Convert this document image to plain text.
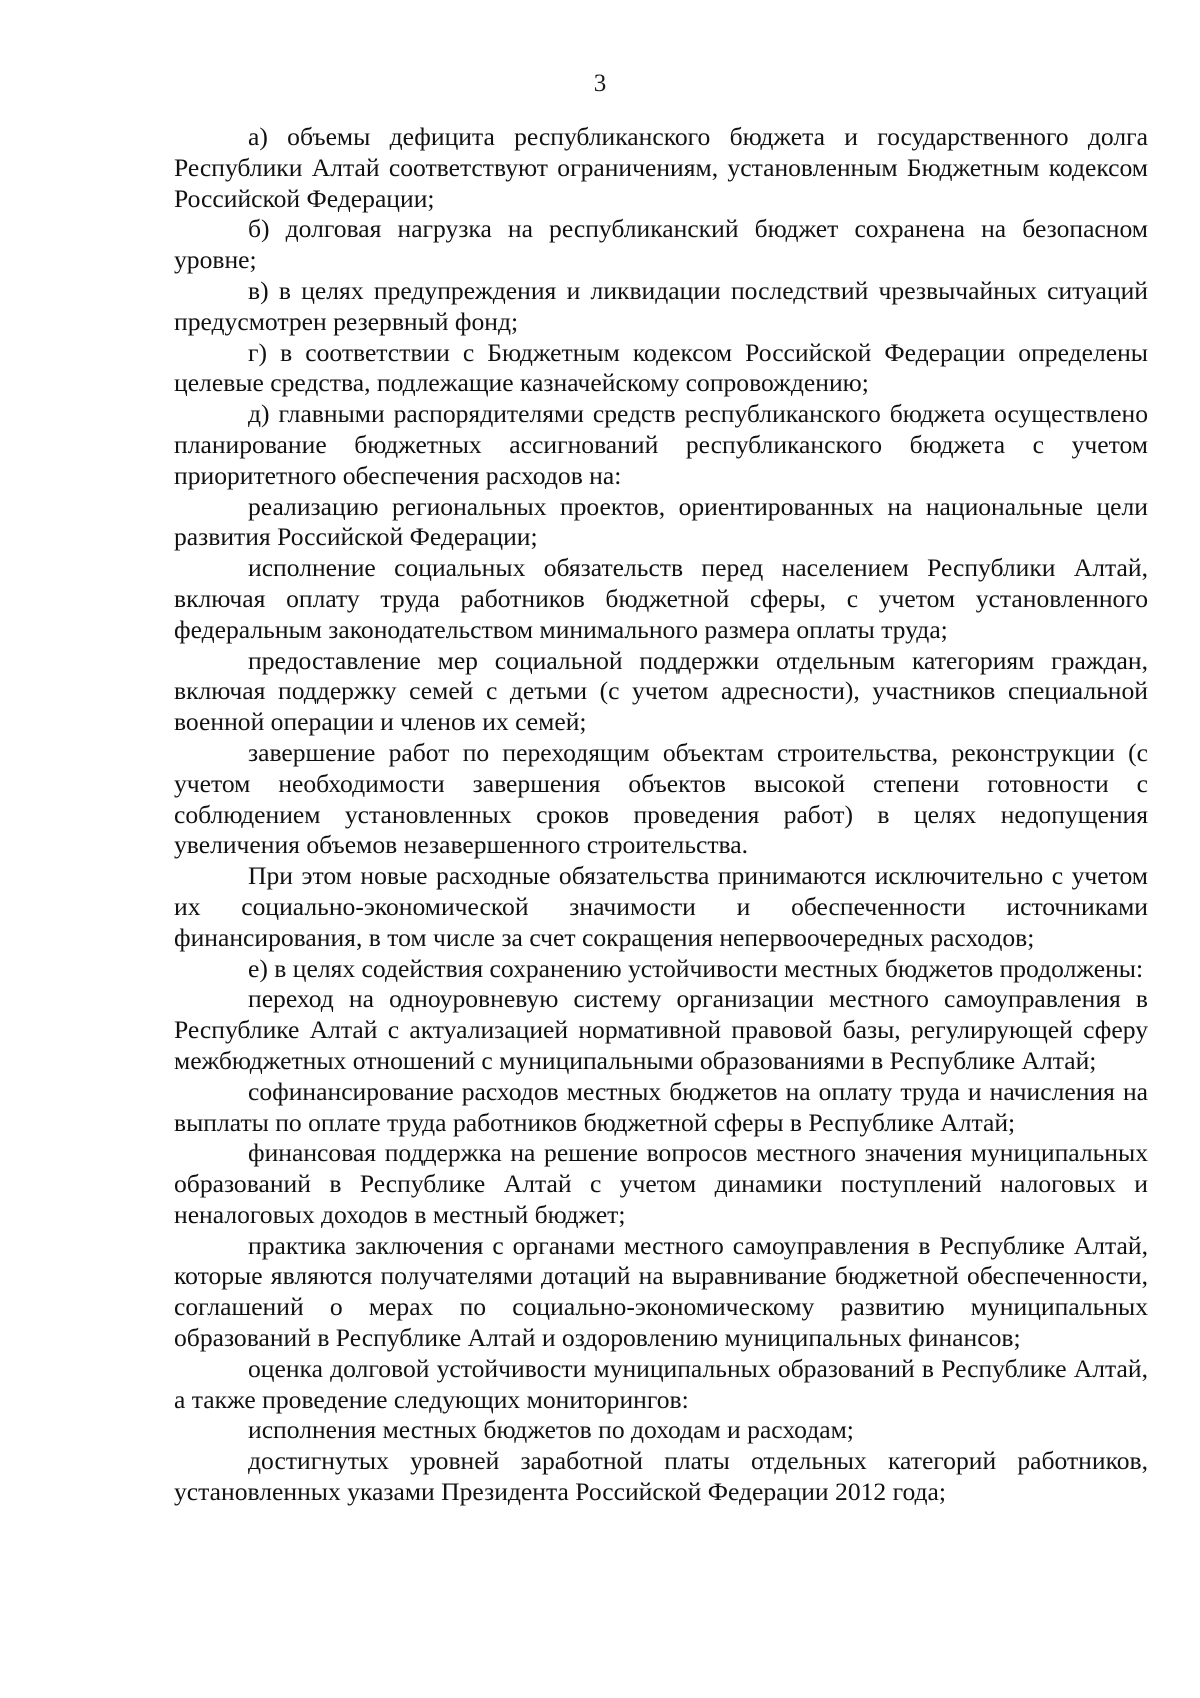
3

а) объемы дефицита республиканского бюджета и государственного долга Республики Алтай соответствуют ограничениям, установленным Бюджетным кодексом Российской Федерации;

б) долговая нагрузка на республиканский бюджет сохранена на безопасном уровне;

в) в целях предупреждения и ликвидации последствий чрезвычайных ситуаций предусмотрен резервный фонд;

г) в соответствии с Бюджетным кодексом Российской Федерации определены целевые средства, подлежащие казначейскому сопровождению;

д) главными распорядителями средств республиканского бюджета осуществлено планирование бюджетных ассигнований республиканского бюджета с учетом приоритетного обеспечения расходов на:

реализацию региональных проектов, ориентированных на национальные цели развития Российской Федерации;

исполнение социальных обязательств перед населением Республики Алтай, включая оплату труда работников бюджетной сферы, с учетом установленного федеральным законодательством минимального размера оплаты труда;

предоставление мер социальной поддержки отдельным категориям граждан, включая поддержку семей с детьми (с учетом адресности), участников специальной военной операции и членов их семей;

завершение работ по переходящим объектам строительства, реконструкции (с учетом необходимости завершения объектов высокой степени готовности с соблюдением установленных сроков проведения работ) в целях недопущения увеличения объемов незавершенного строительства.

При этом новые расходные обязательства принимаются исключительно с учетом их социально-экономической значимости и обеспеченности источниками финансирования, в том числе за счет сокращения непервоочередных расходов;

е) в целях содействия сохранению устойчивости местных бюджетов продолжены:

переход на одноуровневую систему организации местного самоуправления в Республике Алтай с актуализацией нормативной правовой базы, регулирующей сферу межбюджетных отношений с муниципальными образованиями в Республике Алтай;

софинансирование расходов местных бюджетов на оплату труда и начисления на выплаты по оплате труда работников бюджетной сферы в Республике Алтай;

финансовая поддержка на решение вопросов местного значения муниципальных образований в Республике Алтай с учетом динамики поступлений налоговых и неналоговых доходов в местный бюджет;

практика заключения с органами местного самоуправления в Республике Алтай, которые являются получателями дотаций на выравнивание бюджетной обеспеченности, соглашений о мерах по социально-экономическому развитию муниципальных образований в Республике Алтай и оздоровлению муниципальных финансов;

оценка долговой устойчивости муниципальных образований в Республике Алтай, а также проведение следующих мониторингов:

исполнения местных бюджетов по доходам и расходам;

достигнутых уровней заработной платы отдельных категорий работников, установленных указами Президента Российской Федерации 2012 года;
